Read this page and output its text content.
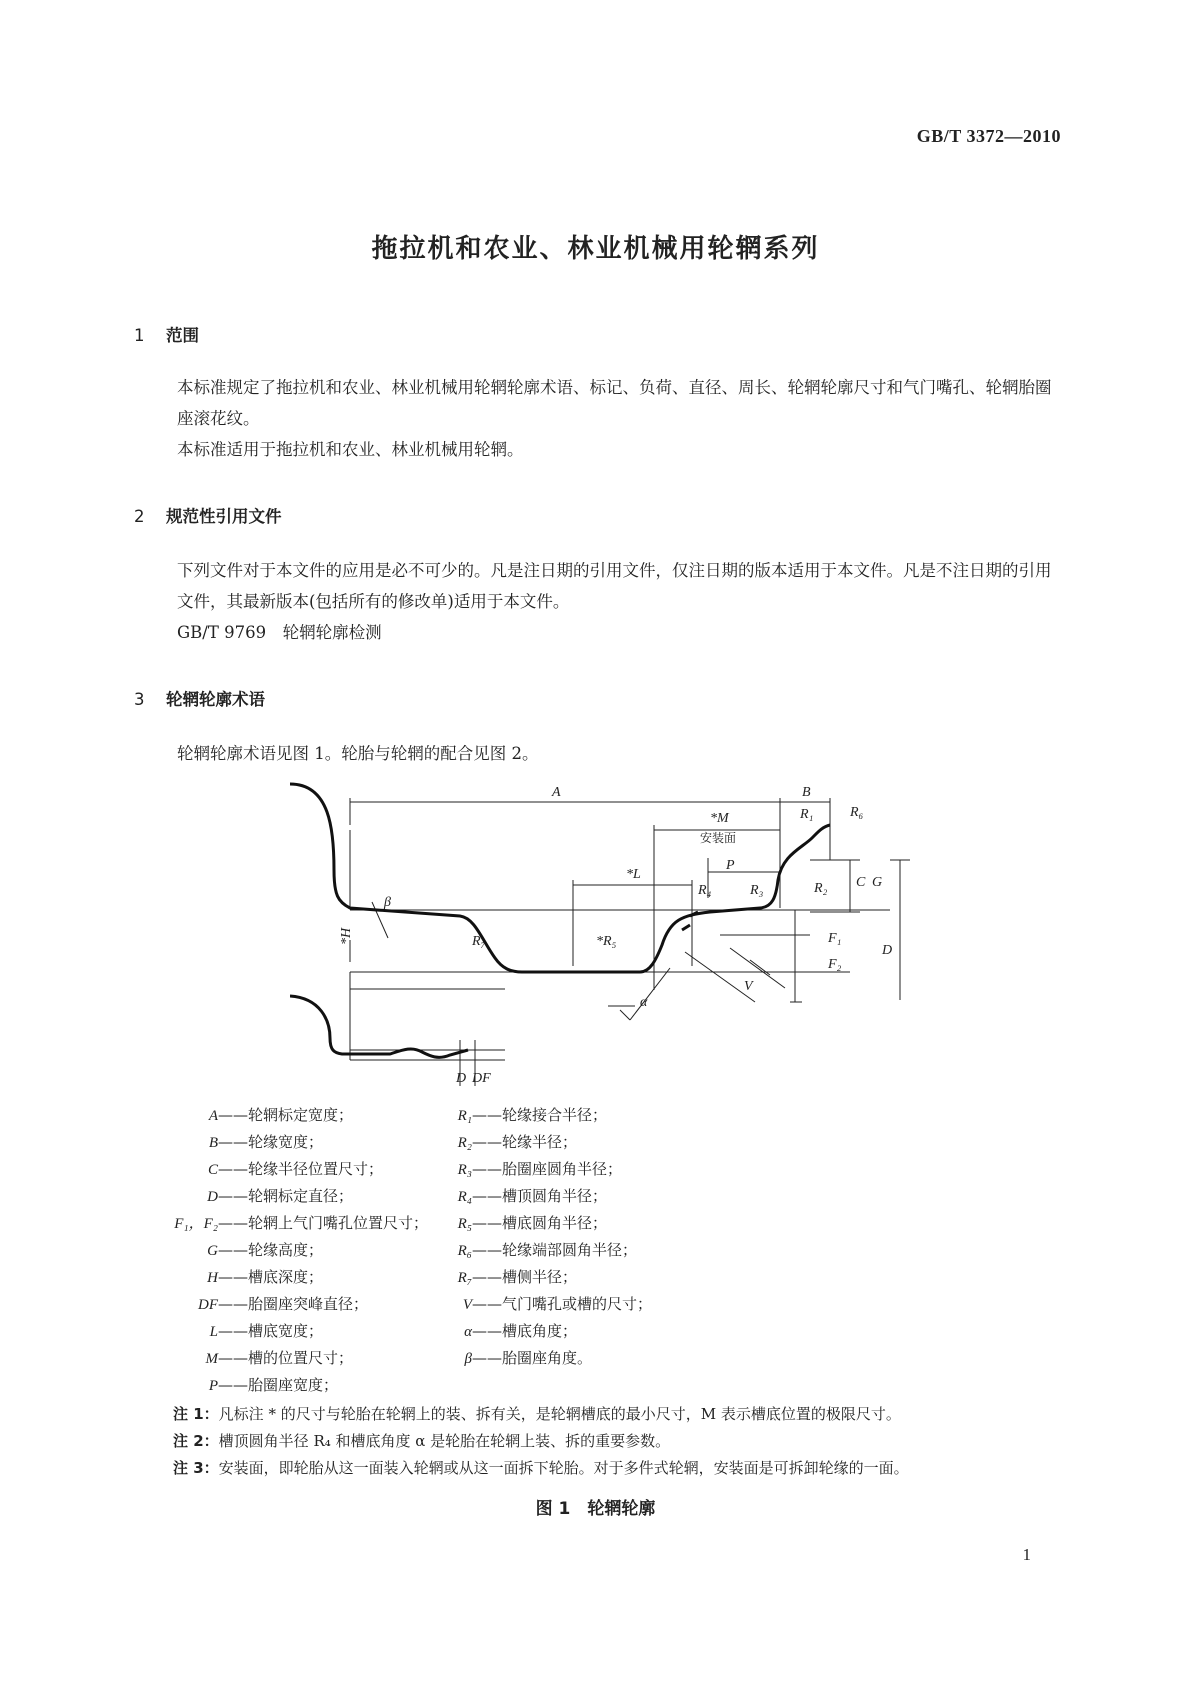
GB/T 3372—2010
拖拉机和农业、林业机械用轮辋系列
1 范围
本标准规定了拖拉机和农业、林业机械用轮辋轮廓术语、标记、负荷、直径、周长、轮辋轮廓尺寸和气门嘴孔、轮辋胎圈座滚花纹。
本标准适用于拖拉机和农业、林业机械用轮辋。
2 规范性引用文件
下列文件对于本文件的应用是必不可少的。凡是注日期的引用文件，仅注日期的版本适用于本文件。凡是不注日期的引用文件，其最新版本(包括所有的修改单)适用于本文件。
GB/T 9769　轮辋轮廓检测
3 轮辋轮廓术语
轮辋轮廓术语见图 1。轮胎与轮辋的配合见图 2。
A	B
*M
安装面
R₁	R₆
P
*L
R₄	R₃	R₂ C G
β
*H	R₇	*R₅	F₁
F₂
D
V
α
D DF
A——轮辋标定宽度；
B——轮缘宽度；
C——轮缘半径位置尺寸；
D——轮辋标定直径；
F₁，F₂——轮辋上气门嘴孔位置尺寸；
G——轮缘高度；
H——槽底深度；
DF——胎圈座突峰直径；
L——槽底宽度；
M——槽的位置尺寸；
P——胎圈座宽度；
R₁——轮缘接合半径；
R₂——轮缘半径；
R₃——胎圈座圆角半径；
R₄——槽顶圆角半径；
R₅——槽底圆角半径；
R₆——轮缘端部圆角半径；
R₇——槽侧半径；
V——气门嘴孔或槽的尺寸；
α——槽底角度；
β——胎圈座角度。
注 1：凡标注 * 的尺寸与轮胎在轮辋上的装、拆有关，是轮辋槽底的最小尺寸，M 表示槽底位置的极限尺寸。
注 2：槽顶圆角半径 R₄ 和槽底角度 α 是轮胎在轮辋上装、拆的重要参数。
注 3：安装面，即轮胎从这一面装入轮辋或从这一面拆下轮胎。对于多件式轮辋，安装面是可拆卸轮缘的一面。
图 1　轮辋轮廓
1
